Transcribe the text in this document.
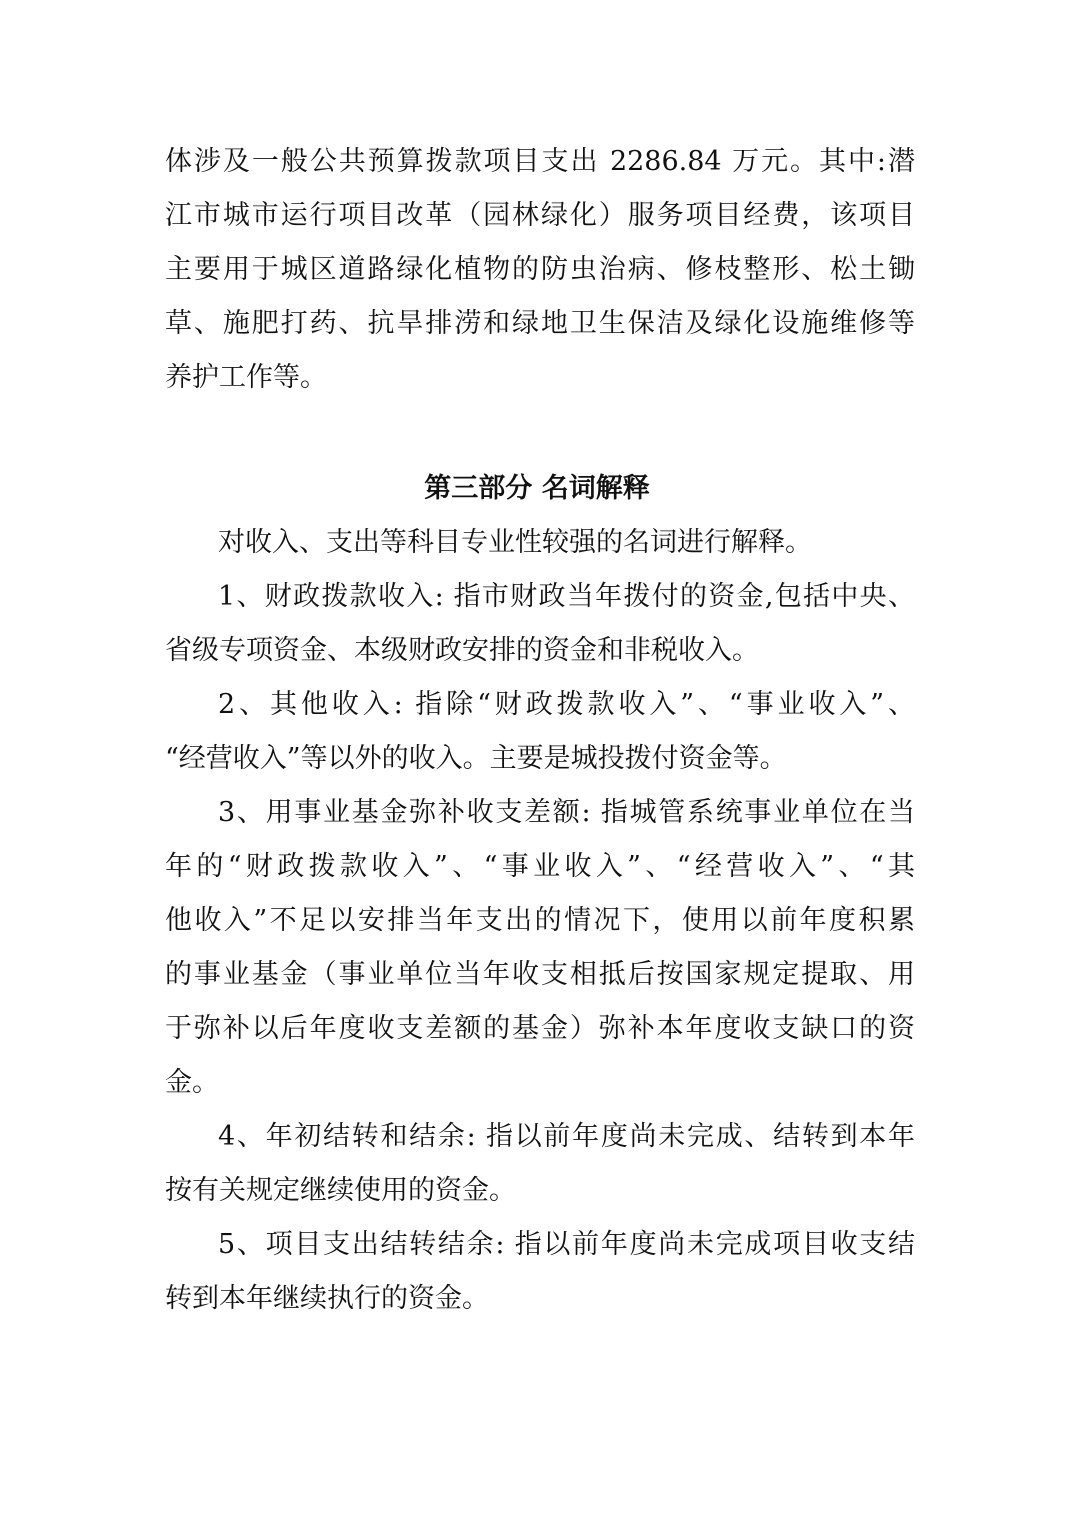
体涉及一般公共预算拨款项目支出 2286.84 万元。其中:潜
江市城市运行项目改革（园林绿化）服务项目经费，该项目
主要用于城区道路绿化植物的防虫治病、修枝整形、松土锄
草、施肥打药、抗旱排涝和绿地卫生保洁及绿化设施维修等
养护工作等。
第三部分 名词解释
对收入、支出等科目专业性较强的名词进行解释。
1、财政拨款收入: 指市财政当年拨付的资金,包括中央、
省级专项资金、本级财政安排的资金和非税收入。
2、其他收入: 指除“财政拨款收入”、“事业收入”、
“经营收入”等以外的收入。主要是城投拨付资金等。
3、用事业基金弥补收支差额: 指城管系统事业单位在当
年的“财政拨款收入”、“事业收入”、“经营收入”、“其
他收入”不足以安排当年支出的情况下，使用以前年度积累
的事业基金（事业单位当年收支相抵后按国家规定提取、用
于弥补以后年度收支差额的基金）弥补本年度收支缺口的资
金。
4、年初结转和结余: 指以前年度尚未完成、结转到本年
按有关规定继续使用的资金。
5、项目支出结转结余: 指以前年度尚未完成项目收支结
转到本年继续执行的资金。
